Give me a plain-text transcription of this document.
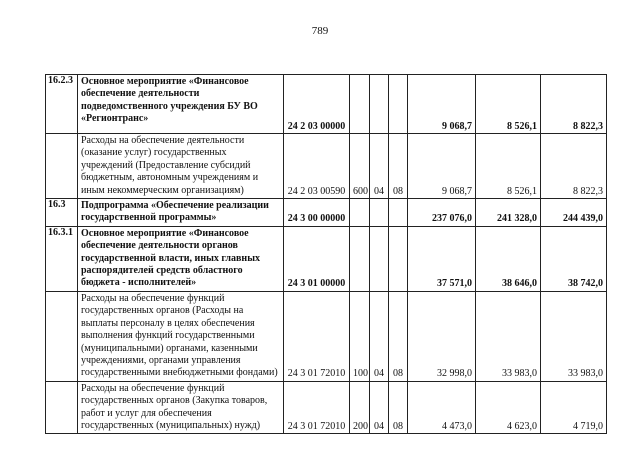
789
16.2.3	Основное мероприятие «Финансовое обеспечение деятельности подведомственного учреждения БУ ВО «Регионтранс»	24 2 03 00000				9 068,7	8 526,1	8 822,3
	Расходы на обеспечение деятельности (оказание услуг) государственных учреждений (Предоставление субсидий бюджетным, автономным учреждениям и иным некоммерческим организациям)	24 2 03 00590	600	04	08	9 068,7	8 526,1	8 822,3
16.3	Подпрограмма «Обеспечение реализации государственной программы»	24 3 00 00000				237 076,0	241 328,0	244 439,0
16.3.1	Основное мероприятие «Финансовое обеспечение деятельности органов государственной власти, иных главных распорядителей средств областного бюджета - исполнителей»	24 3 01 00000				37 571,0	38 646,0	38 742,0
	Расходы на обеспечение функций государственных органов (Расходы на выплаты персоналу в целях обеспечения выполнения функций государственными (муниципальными) органами, казенными учреждениями, органами управления государственными внебюджетными фондами)	24 3 01 72010	100	04	08	32 998,0	33 983,0	33 983,0
	Расходы на обеспечение функций государственных органов (Закупка товаров, работ и услуг для обеспечения государственных (муниципальных) нужд)	24 3 01 72010	200	04	08	4 473,0	4 623,0	4 719,0
